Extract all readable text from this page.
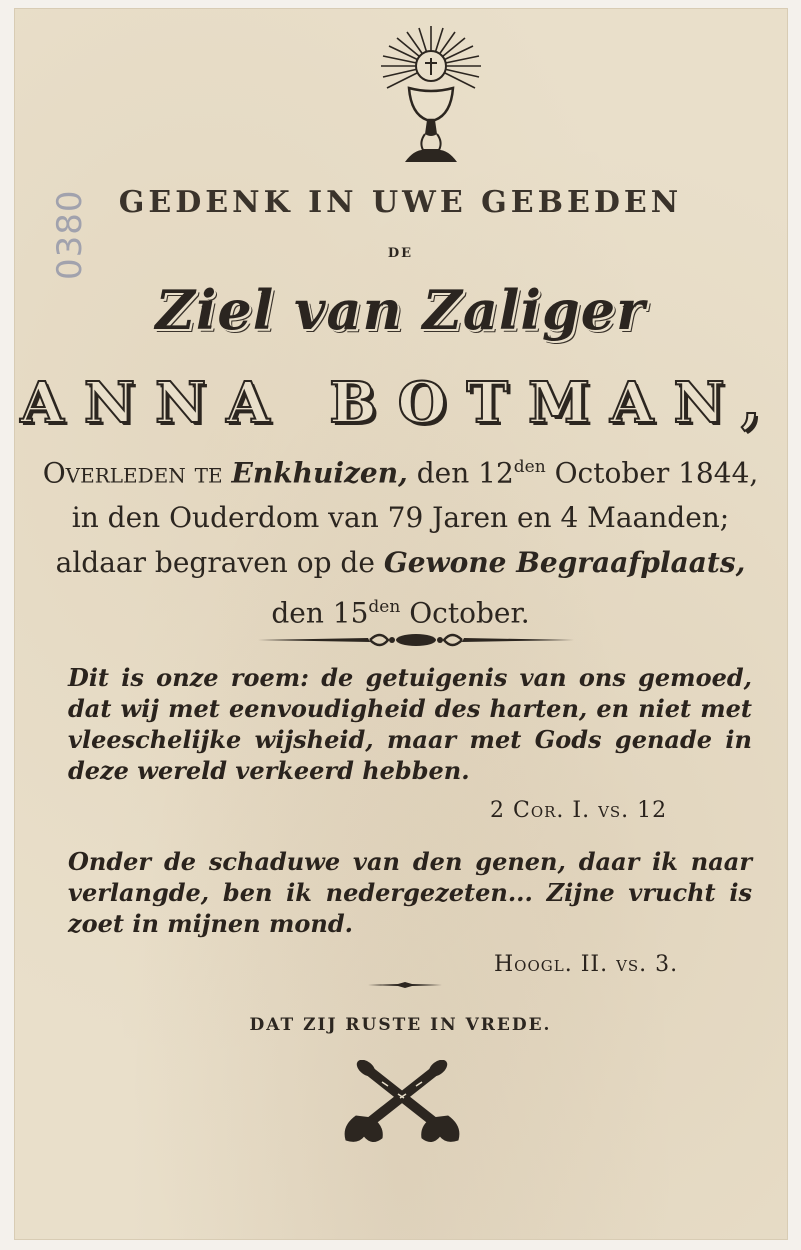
0380 GEDENK IN UWE GEBEDEN
DE
Ziel van Zaliger
ANNA BOTMAN,
Overleden te Enkhuizen, den $12^{den}$ October 1844,
in den Ouderdom van 79 Jaren en 4 Maanden;
aldaar begraven op de Gewone Begraafplaats,
den $15^{den}$ October.
Dit is onze roem: de getuigenis van ons gemoed, dat wij met eenvoudigheid des harten, en niet met vleeschelijke wijsheid, maar met Gods genade in deze wereld verkeerd hebben.
2 Cor. I. vs. 12
Onder de schaduwe van den genen, daar ik naar verlangde, ben ik nedergezeten... Zijne vrucht is zoet in mijnen mond.
Hoogl. II. vs. 3.
DAT ZIJ RUSTE IN VREDE.
